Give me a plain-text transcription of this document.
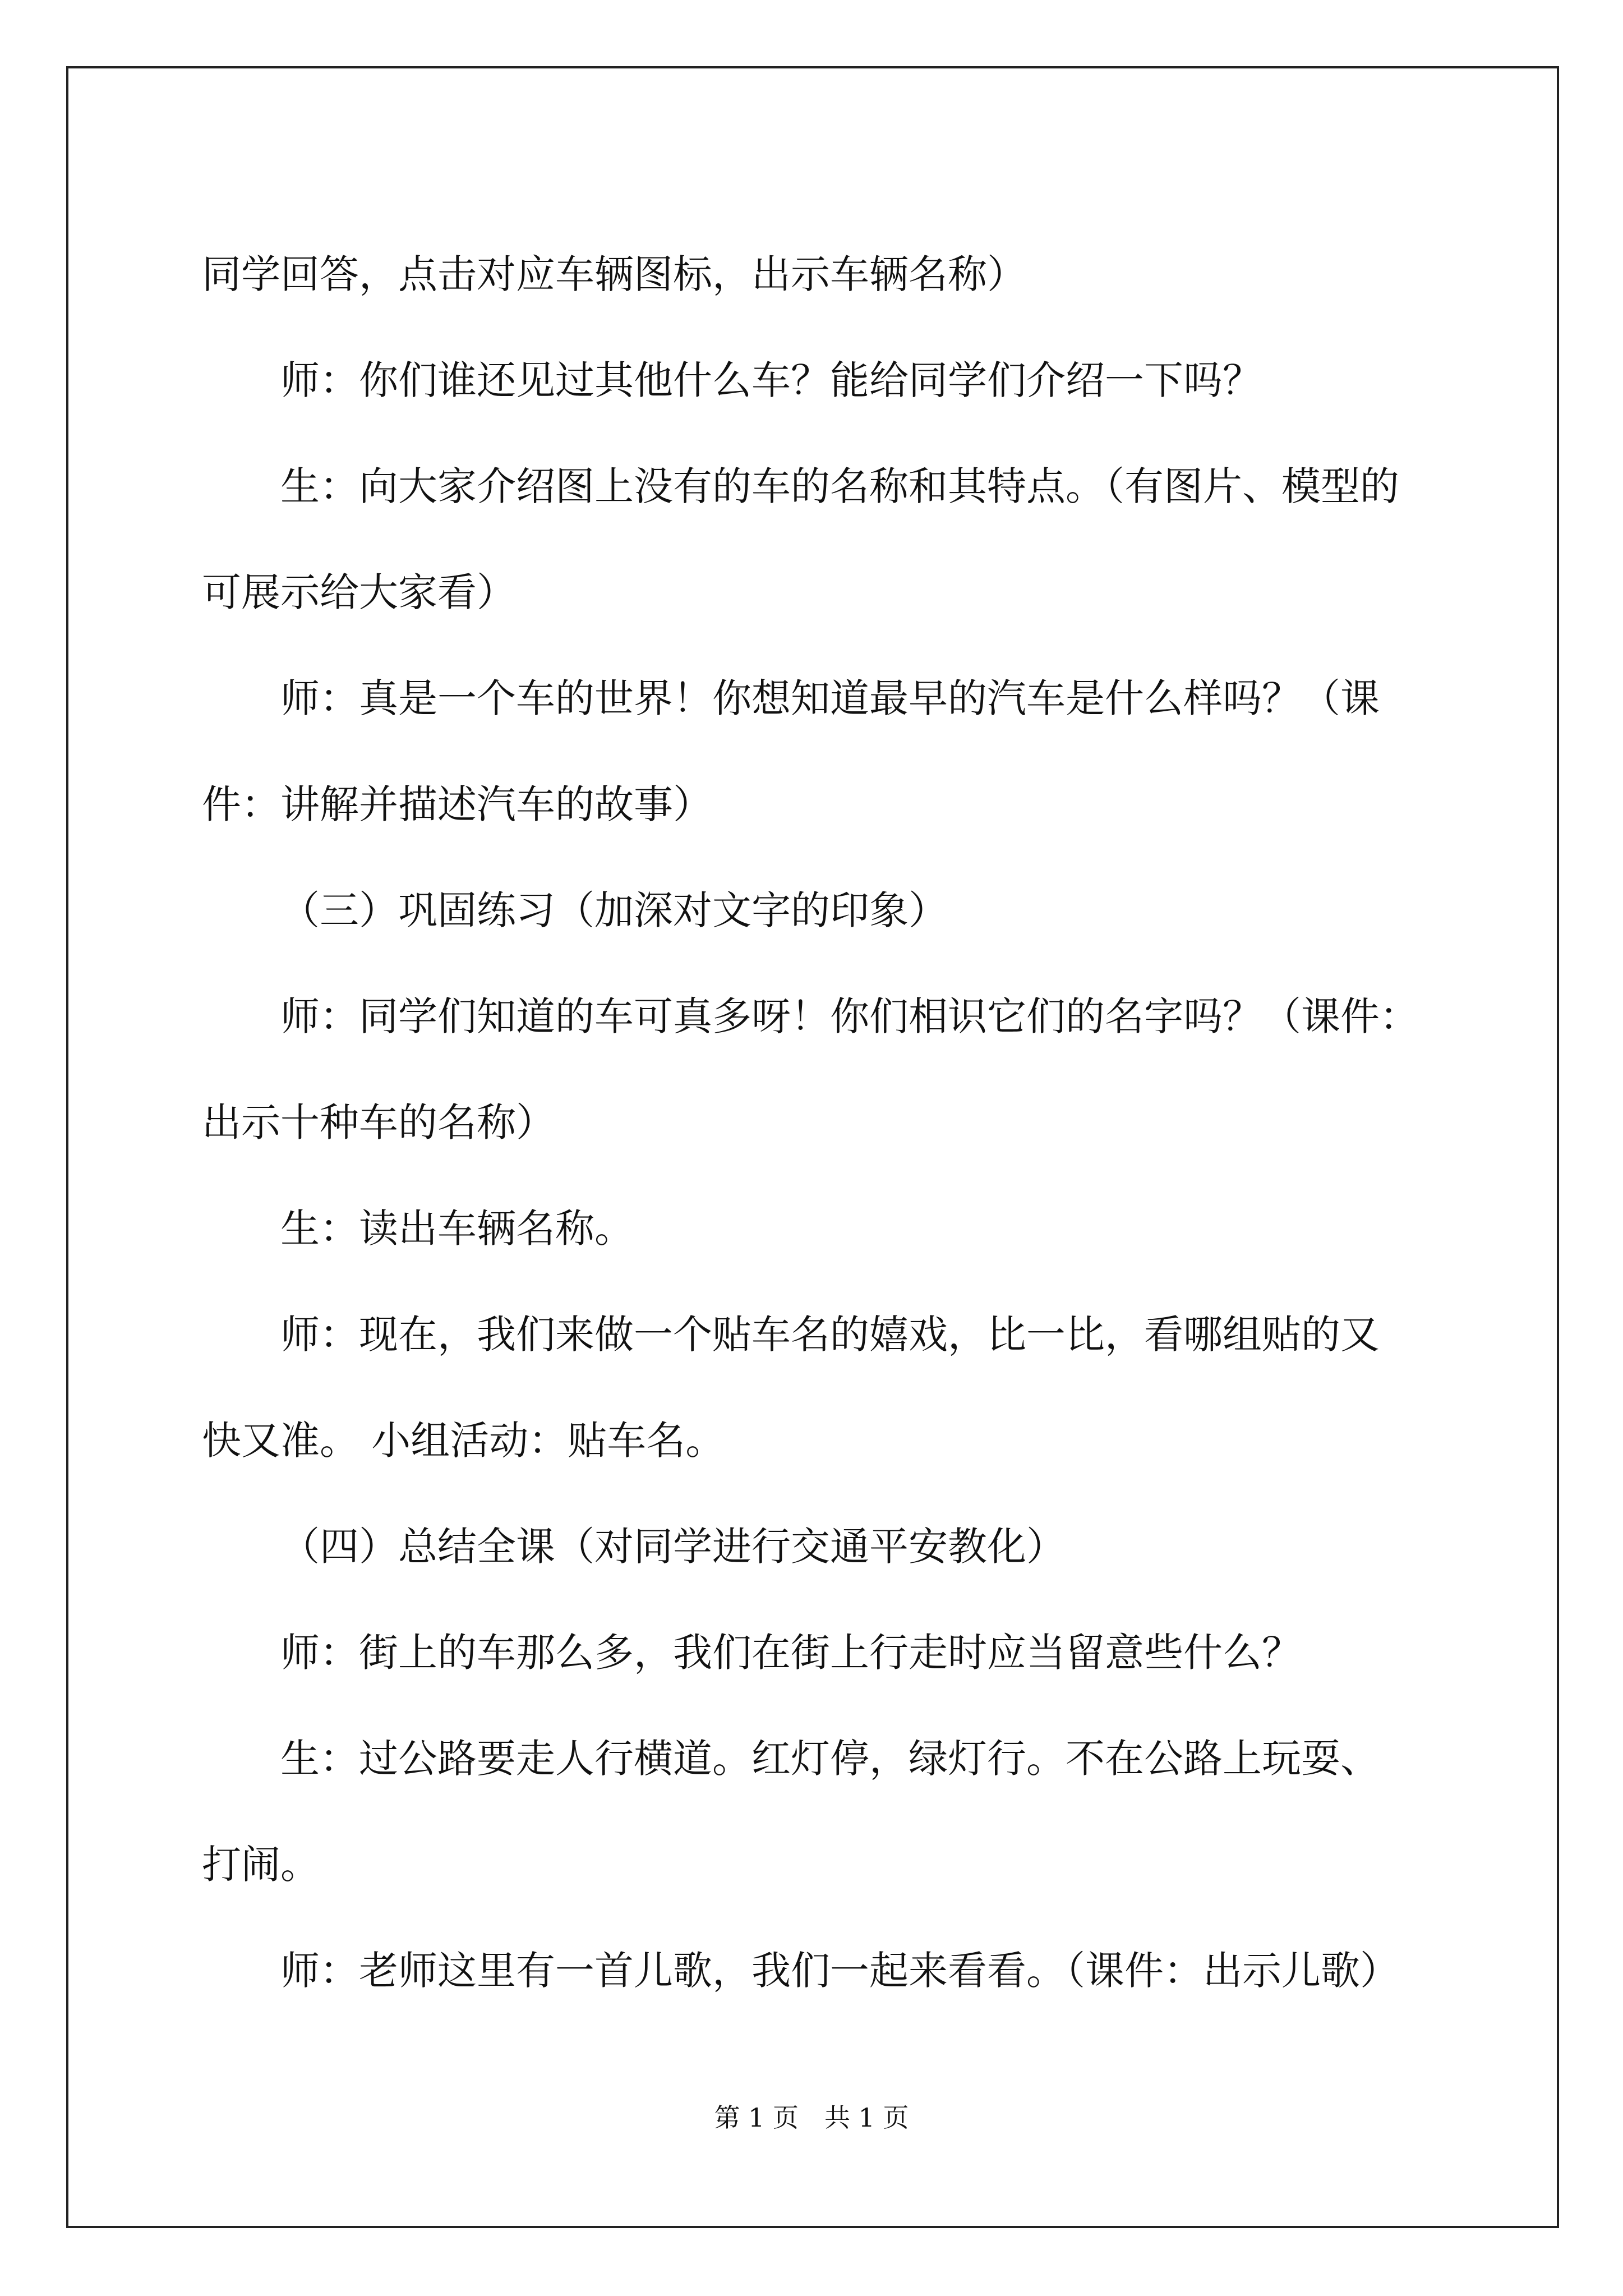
同学回答，点击对应车辆图标，出示车辆名称）

师：你们谁还见过其他什么车？能给同学们介绍一下吗？

生：向大家介绍图上没有的车的名称和其特点。（有图片、模型的

可展示给大家看）

师：真是一个车的世界！你想知道最早的汽车是什么样吗？（课

件：讲解并描述汽车的故事）

（三）巩固练习（加深对文字的印象）

师：同学们知道的车可真多呀！你们相识它们的名字吗？（课件：

出示十种车的名称）

生：读出车辆名称。

师：现在，我们来做一个贴车名的嬉戏，比一比，看哪组贴的又

快又准。 小组活动：贴车名。

（四）总结全课（对同学进行交通平安教化）

师：街上的车那么多，我们在街上行走时应当留意些什么？

生：过公路要走人行横道。红灯停，绿灯行。不在公路上玩耍、

打闹。

师：老师这里有一首儿歌，我们一起来看看。（课件：出示儿歌）

第 1 页　共 1 页
